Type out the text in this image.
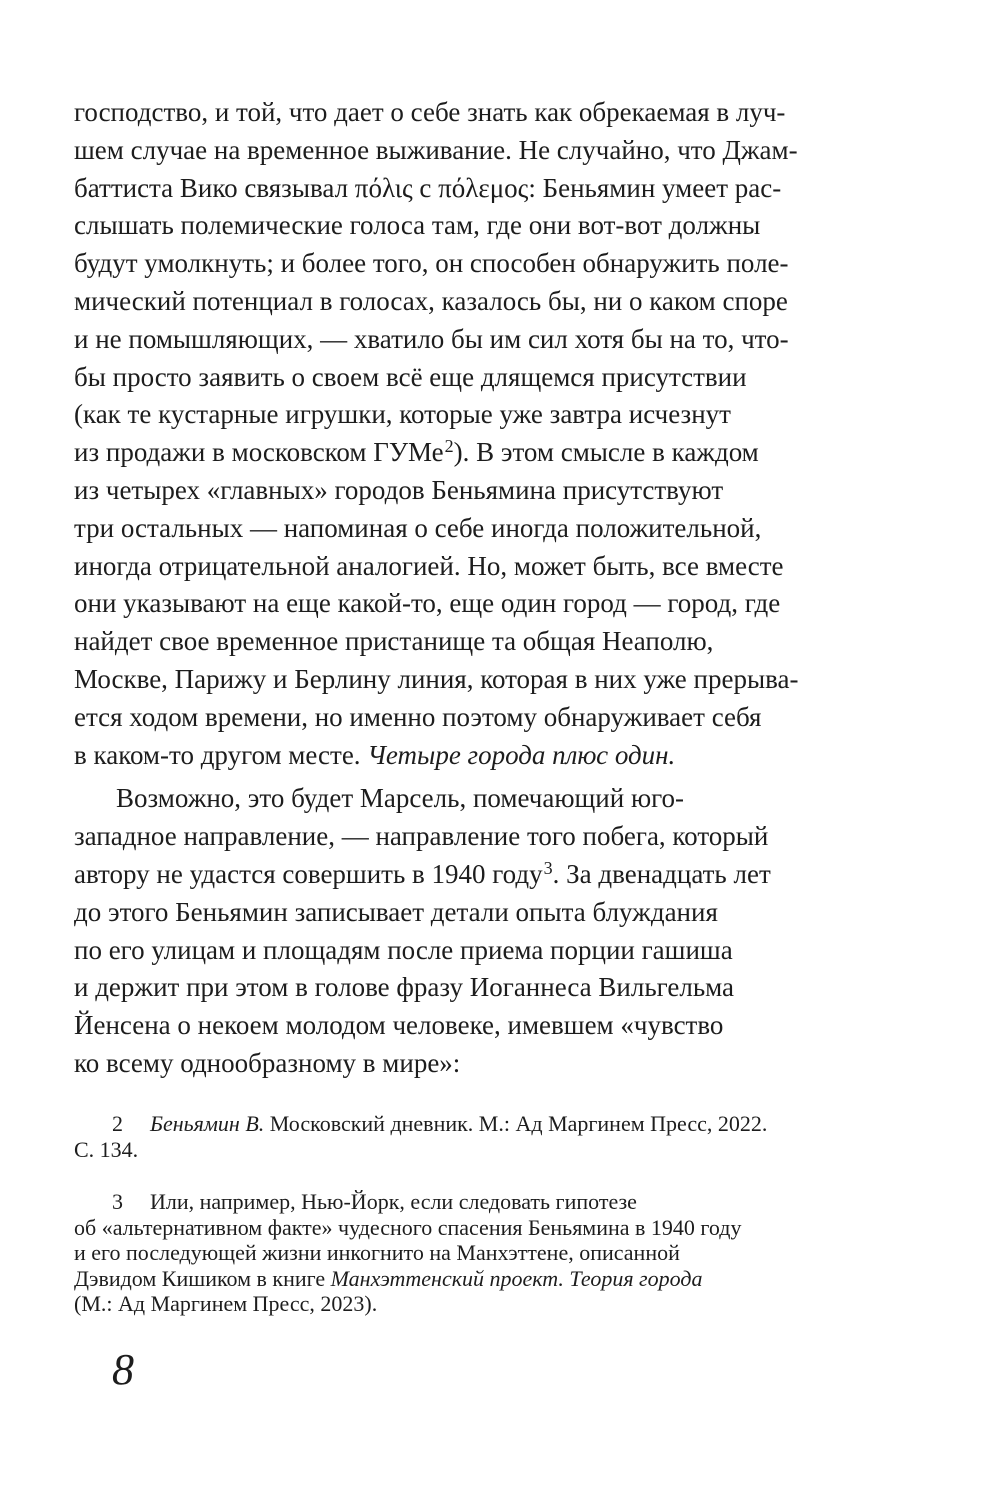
господство, и той, что дает о себе знать как обрекаемая в луч-
шем случае на временное выживание. Не случайно, что Джам-
баттиста Вико связывал πόλις с πόλεμος: Беньямин умеет рас-
слышать полемические голоса там, где они вот-вот должны
будут умолкнуть; и более того, он способен обнаружить поле-
мический потенциал в голосах, казалось бы, ни о каком споре
и не помышляющих, — хватило бы им сил хотя бы на то, что-
бы просто заявить о своем всё еще длящемся присутствии
(как те кустарные игрушки, которые уже завтра исчезнут
из продажи в московском ГУМе$^2$). В этом смысле в каждом
из четырех «главных» городов Беньямина присутствуют
три остальных — напоминая о себе иногда положительной,
иногда отрицательной аналогией. Но, может быть, все вместе
они указывают на еще какой-то, еще один город — город, где
найдет свое временное пристанище та общая Неаполю,
Москве, Парижу и Берлину линия, которая в них уже прерыва-
ется ходом времени, но именно поэтому обнаруживает себя
в каком-то другом месте. Четыре города плюс один.
Возможно, это будет Марсель, помечающий юго-
западное направление, — направление того побега, который
автору не удастся совершить в 1940 году$^3$. За двенадцать лет
до этого Беньямин записывает детали опыта блуждания
по его улицам и площадям после приема порции гашиша
и держит при этом в голове фразу Иоганнеса Вильгельма
Йенсена о некоем молодом человеке, имевшем «чувство
ко всему однообразному в мире»:
2 Беньямин В. Московский дневник. М.: Ад Маргинем Пресс, 2022.
С. 134.
3 Или, например, Нью-Йорк, если следовать гипотезе
об «альтернативном факте» чудесного спасения Беньямина в 1940 году
и его последующей жизни инкогнито на Манхэттене, описанной
Дэвидом Кишиком в книге Манхэттенский проект. Теория города
(М.: Ад Маргинем Пресс, 2023).
8
